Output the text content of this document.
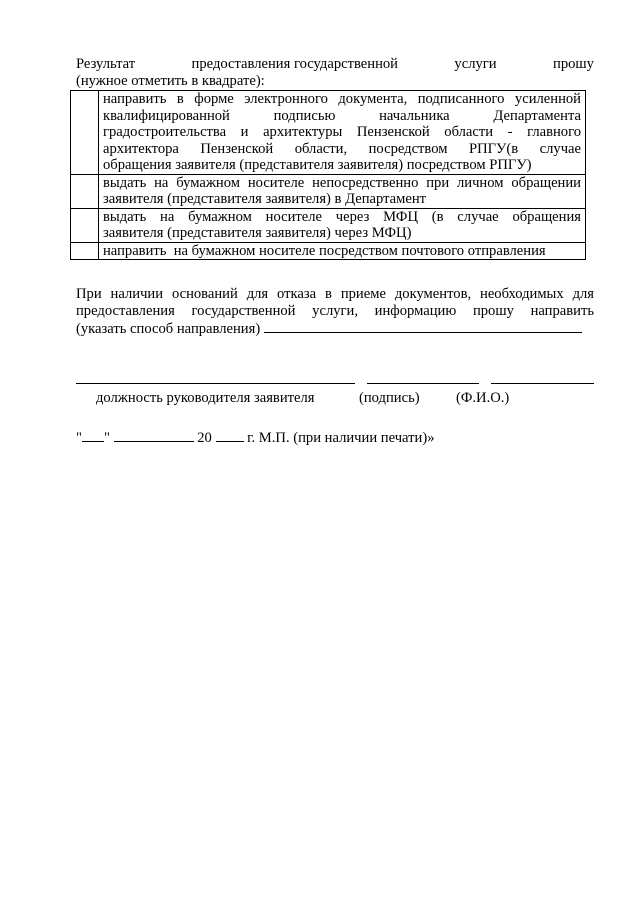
Результат	предоставления государственной	услуги	прошу
(нужное отметить в квадрате):

	направить в форме электронного документа, подписанного усиленной
квалифицированной подписью начальника Департамента
градостроительства и архитектуры Пензенской области - главного
архитектора Пензенской области, посредством РПГУ(в случае
обращения заявителя (представителя заявителя) посредством РПГУ)

	выдать на бумажном носителе непосредственно при личном обращении
заявителя (представителя заявителя) в Департамент

	выдать на бумажном носителе через МФЦ (в случае обращения
заявителя (представителя заявителя) через МФЦ)

	направить  на бумажном носителе посредством почтового отправления
При наличии оснований для отказа в приеме документов, необходимых для
предоставления государственной услуги, информацию прошу направить
(указать способ направления)
должность руководителя заявителя	(подпись) (Ф.И.О.)
" "	20 г. М.П. (при наличии печати)»
